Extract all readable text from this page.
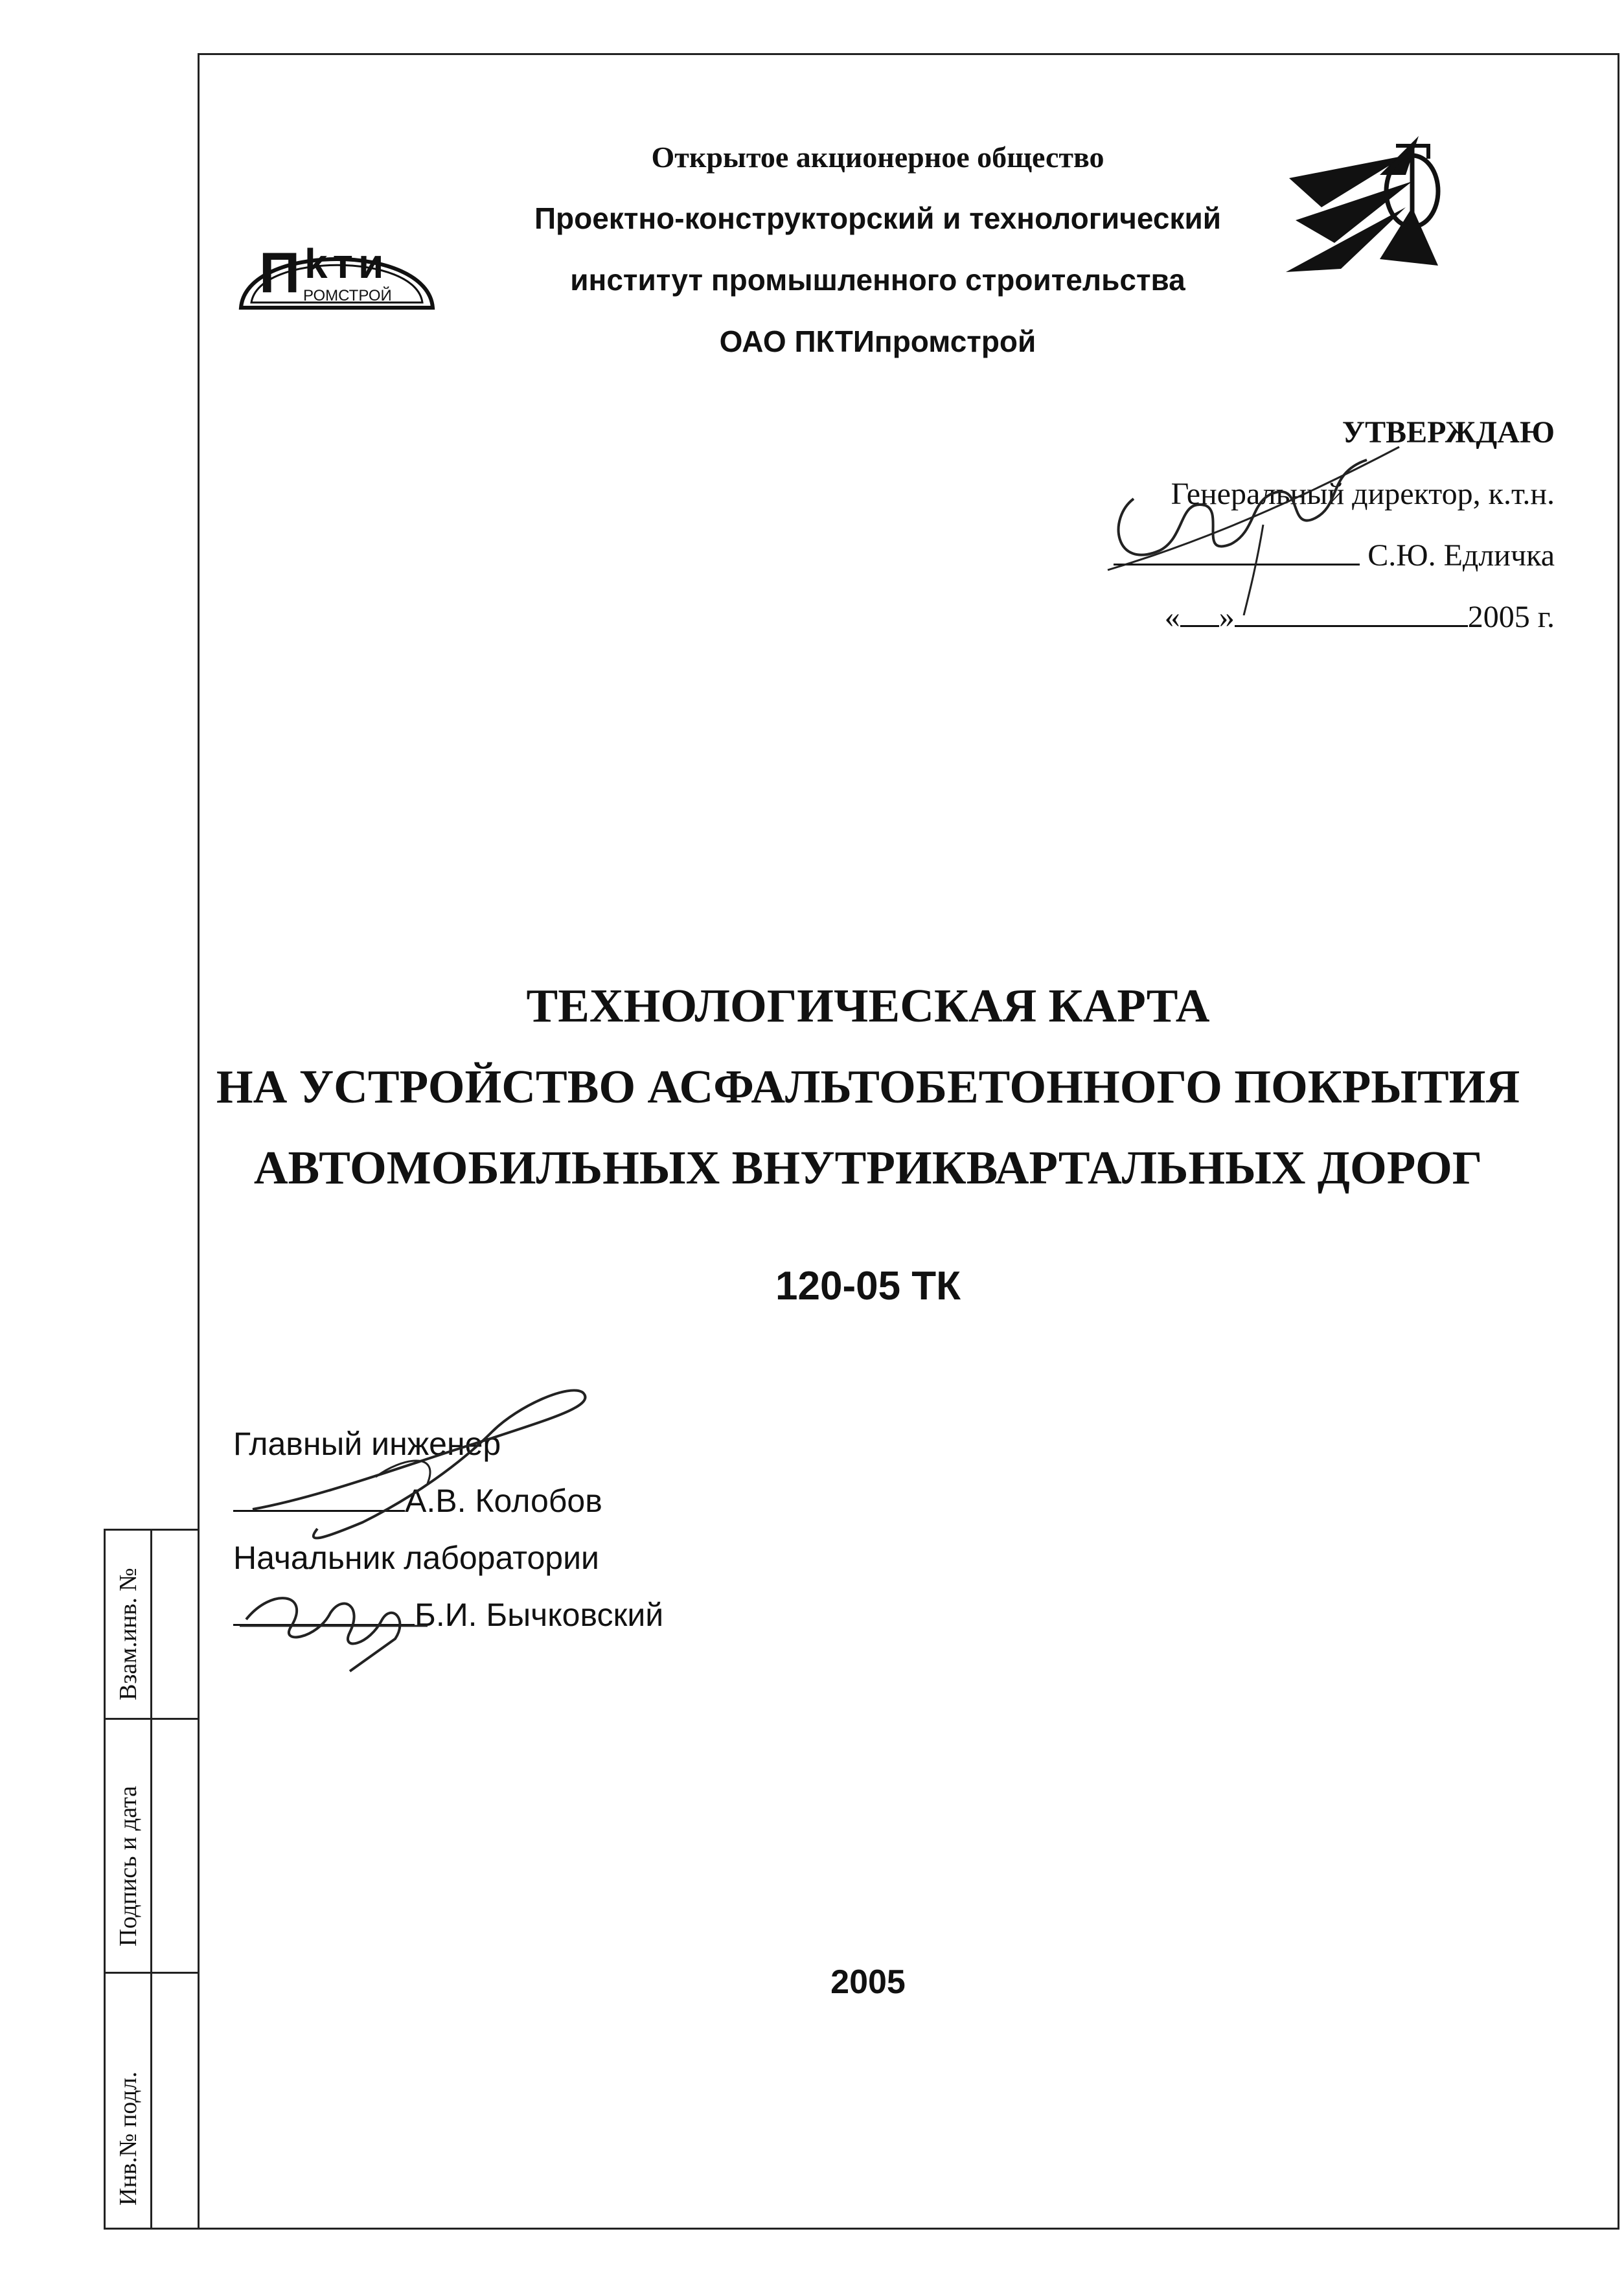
Взам.инв. №
Подпись и дата
Инв.№ подл.
П kти
РОМСТРОЙ
Открытое акционерное общество
Проектно-конструкторский и технологический
институт промышленного строительства
ОАО ПКТИпромстрой
УТВЕРЖДАЮ
Генеральный директор, к.т.н.
С.Ю. Едличка
« »	2005 г.
ТЕХНОЛОГИЧЕСКАЯ КАРТА
НА УСТРОЙСТВО АСФАЛЬТОБЕТОННОГО ПОКРЫТИЯ
АВТОМОБИЛЬНЫХ ВНУТРИКВАРТАЛЬНЫХ ДОРОГ
120-05 ТК
Главный инженер
А.В. Колобов
Начальник лаборатории
Б.И. Бычковский
2005
